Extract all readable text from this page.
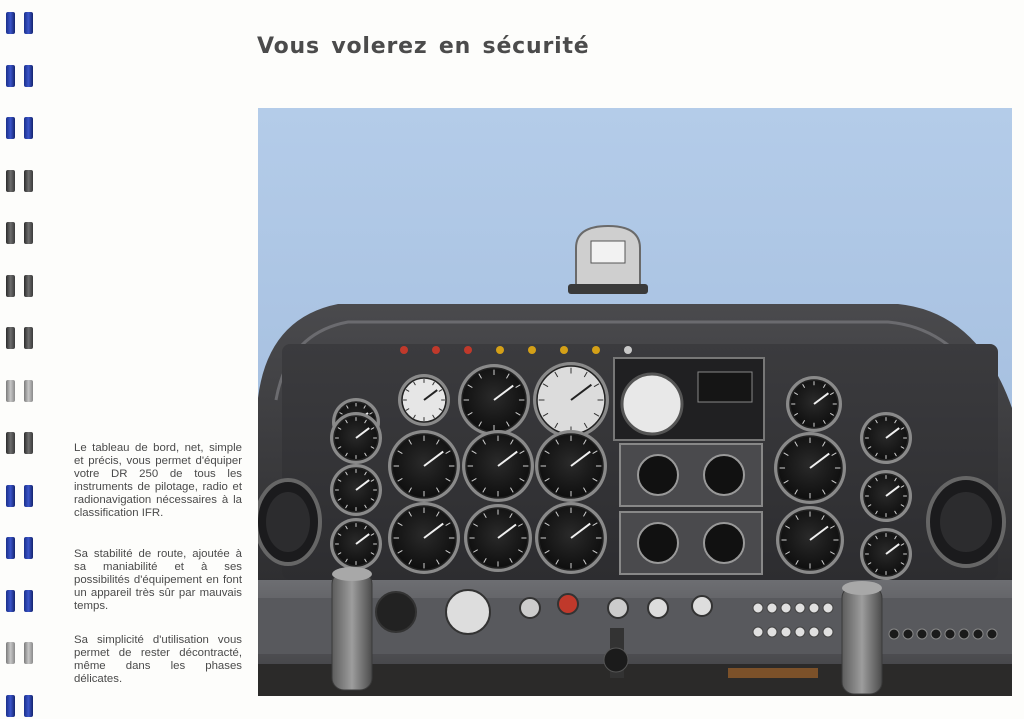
Vous volerez en sécurité

Le tableau de bord, net, simple et précis, vous permet d'équiper votre DR 250 de tous les instruments de pilotage, radio et radionavigation nécessaires à la classification IFR.

Sa stabilité de route, ajoutée à sa maniabilité et à ses possibilités d'équipement en font un appareil très sûr par mauvais temps.

Sa simplicité d'utilisation vous permet de rester décontracté, même dans les phases délicates.
